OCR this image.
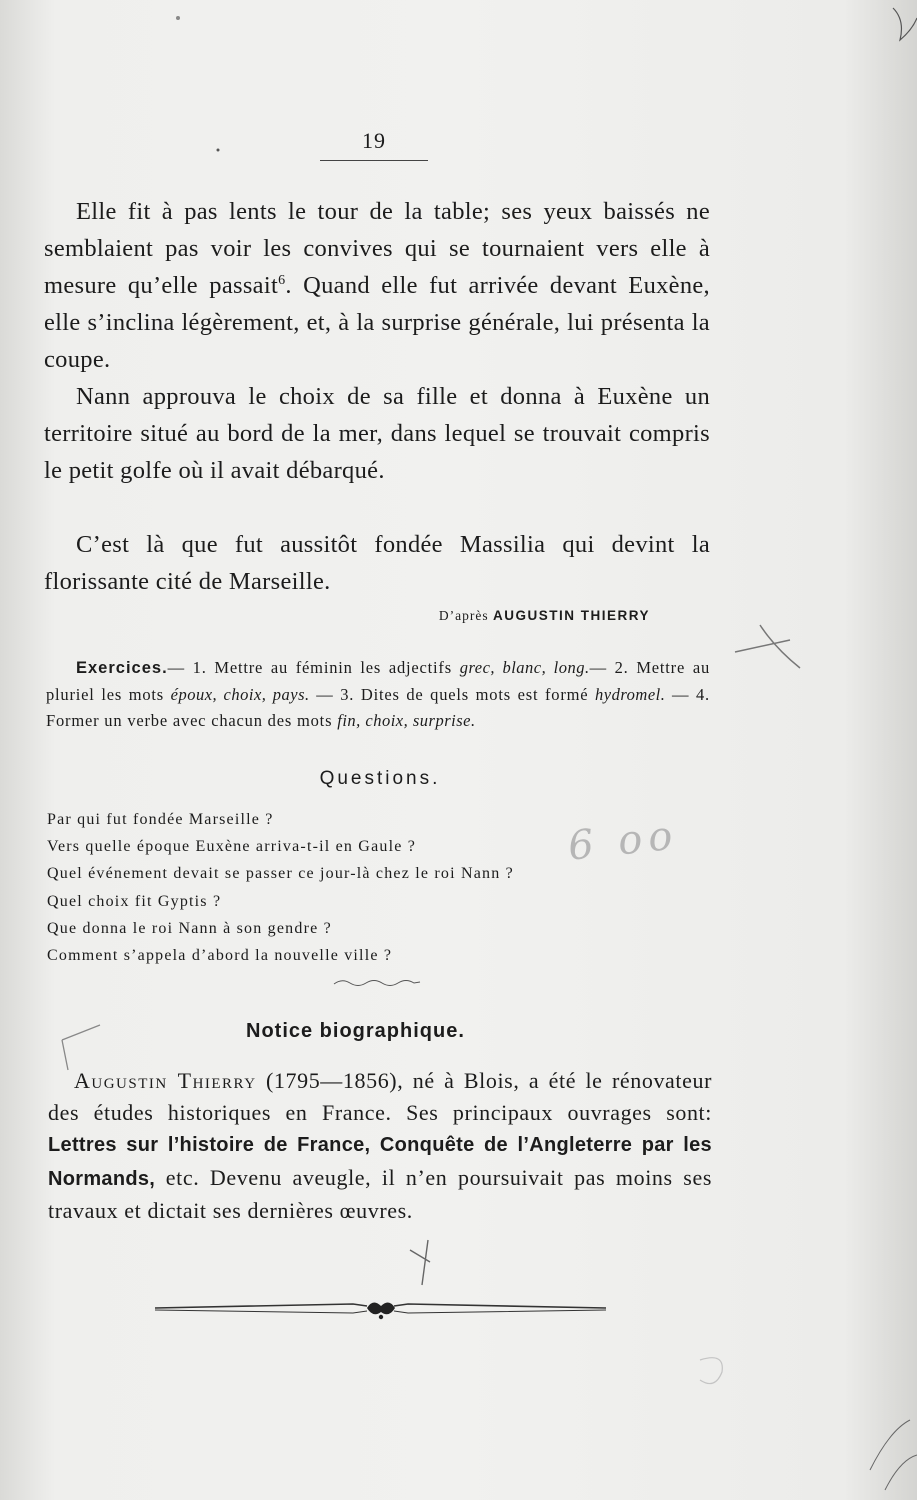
19

Elle fit à pas lents le tour de la table; ses yeux baissés ne semblaient pas voir les convives qui se tournaient vers elle à mesure qu’elle passait$^6$. Quand elle fut arrivée devant Euxène, elle s’inclina légèrement, et, à la surprise générale, lui présenta la coupe.

Nann approuva le choix de sa fille et donna à Euxène un territoire situé au bord de la mer, dans lequel se trouvait compris le petit golfe où il avait débarqué.

C’est là que fut aussitôt fondée Massilia qui devint la florissante cité de Marseille.

D’après AUGUSTIN THIERRY

Exercices.— 1. Mettre au féminin les adjectifs grec, blanc, long.— 2. Mettre au pluriel les mots époux, choix, pays. — 3. Dites de quels mots est formé hydromel. — 4. Former un verbe avec chacun des mots fin, choix, surprise.

Questions.
Par qui fut fondée Marseille ?
Vers quelle époque Euxène arriva-t-il en Gaule ?
Quel événement devait se passer ce jour-là chez le roi Nann ?
Quel choix fit Gyptis ?
Que donna le roi Nann à son gendre ?
Comment s’appela d’abord la nouvelle ville ?
Notice biographique.

Augustin Thierry (1795—1856), né à Blois, a été le rénovateur des études historiques en France. Ses principaux ouvrages sont: Lettres sur l’histoire de France, Conquête de l’Angleterre par les Normands, etc. Devenu aveugle, il n’en poursuivait pas moins ses travaux et dictait ses dernières œuvres.

6 oo
